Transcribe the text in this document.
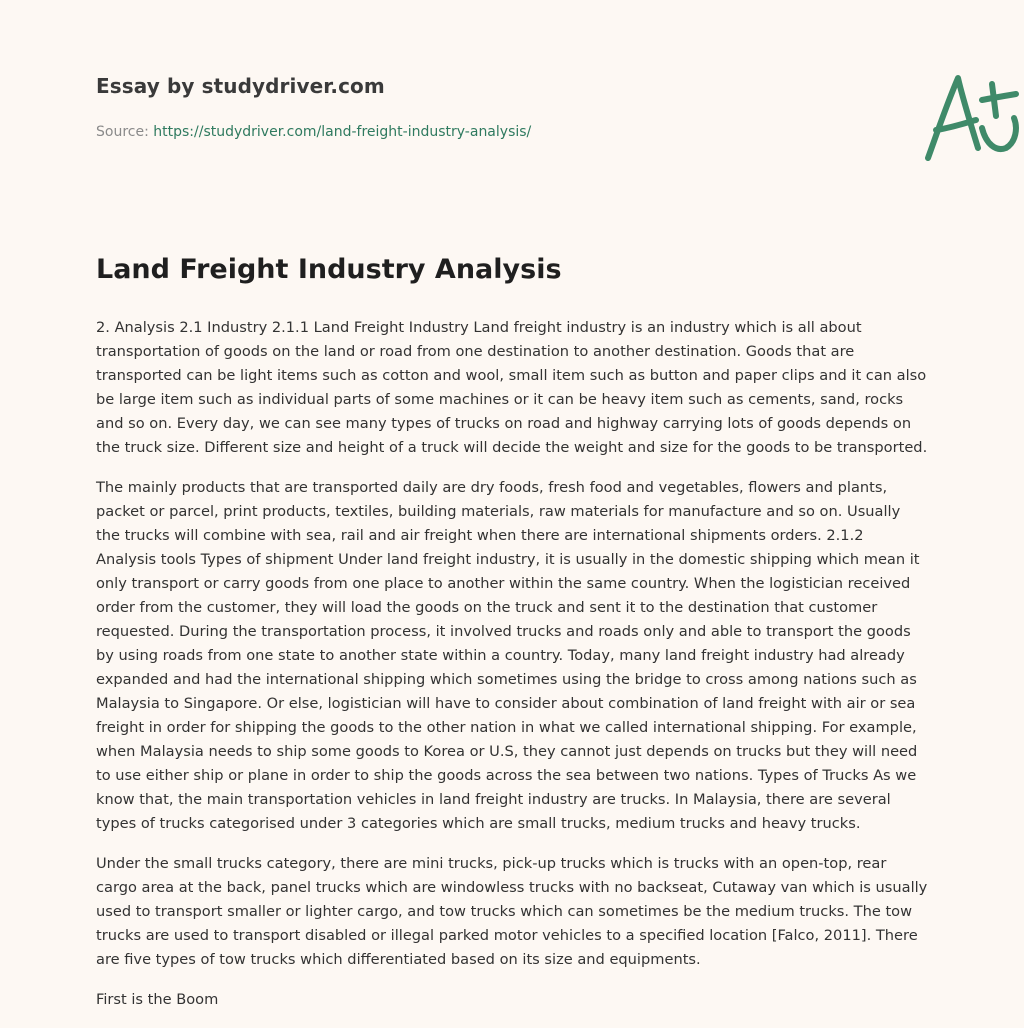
Essay by studydriver.com
Source: https://studydriver.com/land-freight-industry-analysis/
Land Freight Industry Analysis

2. Analysis 2.1 Industry 2.1.1 Land Freight Industry Land freight industry is an industry which is all about transportation of goods on the land or road from one destination to another destination. Goods that are transported can be light items such as cotton and wool, small item such as button and paper clips and it can also be large item such as individual parts of some machines or it can be heavy item such as cements, sand, rocks and so on. Every day, we can see many types of trucks on road and highway carrying lots of goods depends on the truck size. Different size and height of a truck will decide the weight and size for the goods to be transported.

The mainly products that are transported daily are dry foods, fresh food and vegetables, flowers and plants, packet or parcel, print products, textiles, building materials, raw materials for manufacture and so on. Usually the trucks will combine with sea, rail and air freight when there are international shipments orders. 2.1.2 Analysis tools Types of shipment Under land freight industry, it is usually in the domestic shipping which mean it only transport or carry goods from one place to another within the same country. When the logistician received order from the customer, they will load the goods on the truck and sent it to the destination that customer requested. During the transportation process, it involved trucks and roads only and able to transport the goods by using roads from one state to another state within a country. Today, many land freight industry had already expanded and had the international shipping which sometimes using the bridge to cross among nations such as Malaysia to Singapore. Or else, logistician will have to consider about combination of land freight with air or sea freight in order for shipping the goods to the other nation in what we called international shipping. For example, when Malaysia needs to ship some goods to Korea or U.S, they cannot just depends on trucks but they will need to use either ship or plane in order to ship the goods across the sea between two nations. Types of Trucks As we know that, the main transportation vehicles in land freight industry are trucks. In Malaysia, there are several types of trucks categorised under 3 categories which are small trucks, medium trucks and heavy trucks.

Under the small trucks category, there are mini trucks, pick-up trucks which is trucks with an open-top, rear cargo area at the back, panel trucks which are windowless trucks with no backseat, Cutaway van which is usually used to transport smaller or lighter cargo, and tow trucks which can sometimes be the medium trucks. The tow trucks are used to transport disabled or illegal parked motor vehicles to a specified location [Falco, 2011]. There are five types of tow trucks which differentiated based on its size and equipments.

First is the Boom
